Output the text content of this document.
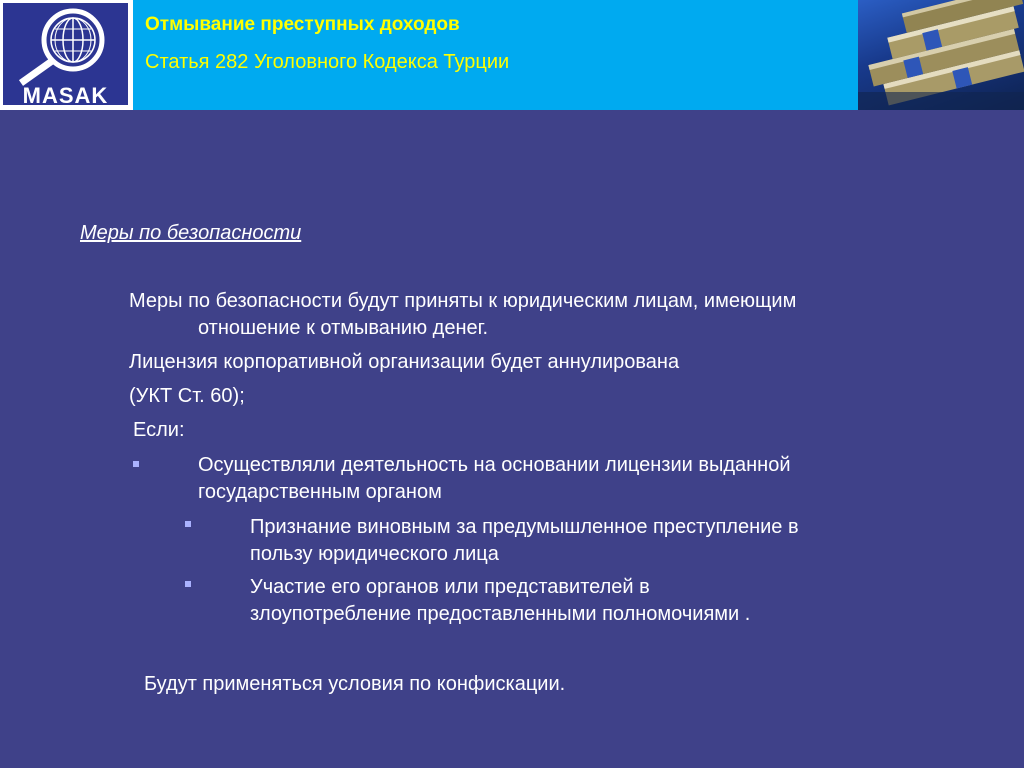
MASAK
Отмывание преступных доходов
Статья 282 Уголовного Кодекса Турции
Меры по безопасности
Меры по безопасности будут приняты к юридическим лицам, имеющим
отношение к отмыванию денег.
Лицензия корпоративной организации будет аннулирована
(УКТ Ст. 60);
Если:
Осуществляли деятельность на основании лицензии выданной
государственным органом
Признание виновным за предумышленное преступление в
пользу юридического лица
Участие его органов или представителей в
злоупотребление предоставленными полномочиями .
Будут применяться условия по конфискации.
